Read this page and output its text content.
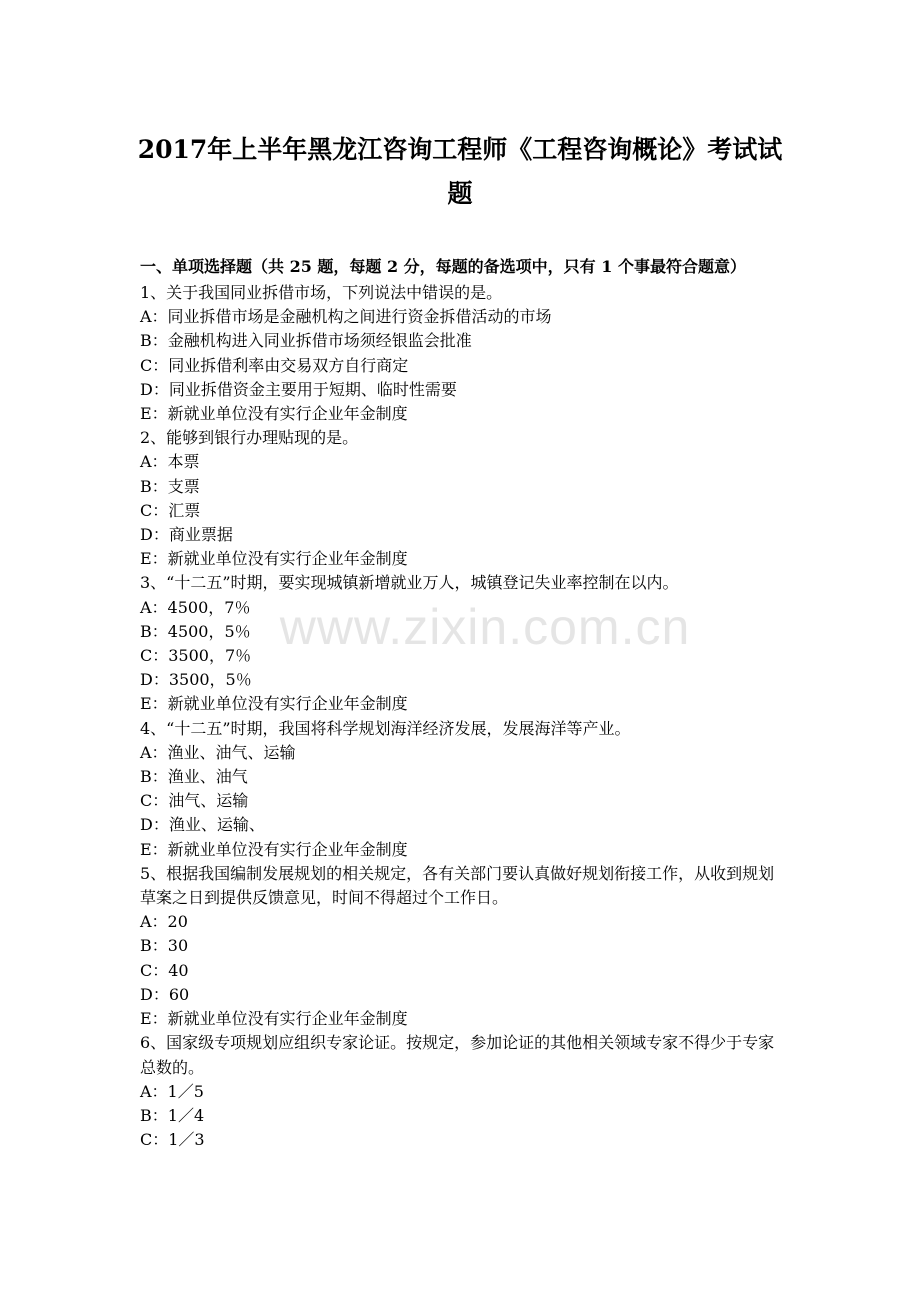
2017年上半年黑龙江咨询工程师《工程咨询概论》考试试
题
一、单项选择题（共 25 题，每题 2 分，每题的备选项中，只有 1 个事最符合题意）
1、关于我国同业拆借市场，下列说法中错误的是。
A：同业拆借市场是金融机构之间进行资金拆借活动的市场
B：金融机构进入同业拆借市场须经银监会批准
C：同业拆借利率由交易双方自行商定
D：同业拆借资金主要用于短期、临时性需要
E：新就业单位没有实行企业年金制度
2、能够到银行办理贴现的是。
A：本票
B：支票
C：汇票
D：商业票据
E：新就业单位没有实行企业年金制度
3、“十二五”时期，要实现城镇新增就业万人，城镇登记失业率控制在以内。
A：4500，7％
B：4500，5％
C：3500，7％
D：3500，5％
E：新就业单位没有实行企业年金制度
4、“十二五”时期，我国将科学规划海洋经济发展，发展海洋等产业。
A：渔业、油气、运输
B：渔业、油气
C：油气、运输
D：渔业、运输、
E：新就业单位没有实行企业年金制度
5、根据我国编制发展规划的相关规定，各有关部门要认真做好规划衔接工作，从收到规划草案之日到提供反馈意见，时间不得超过个工作日。
A：20
B：30
C：40
D：60
E：新就业单位没有实行企业年金制度
6、国家级专项规划应组织专家论证。按规定，参加论证的其他相关领域专家不得少于专家总数的。
A：1／5
B：1／4
C：1／3
www.zixin.com.cn
